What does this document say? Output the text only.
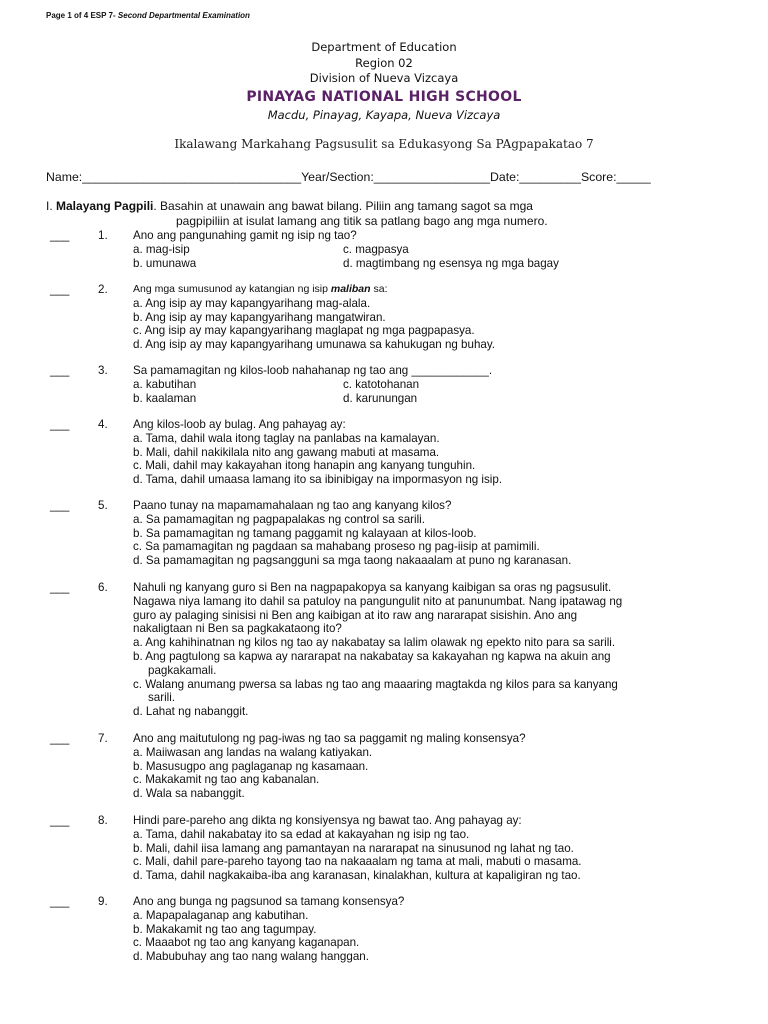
Page 1 of 4 ESP 7- Second Departmental Examination
Department of Education
Region 02
Division of Nueva Vizcaya
PINAYAG NATIONAL HIGH SCHOOL
Macdu, Pinayag, Kayapa, Nueva Vizcaya
Ikalawang Markahang Pagsusulit sa Edukasyong Sa PAgpapakatao 7
Name:________________________________Year/Section:_________________Date:_________Score:_____
I. Malayang Pagpili. Basahin at unawain ang bawat bilang. Piliin ang tamang sagot sa mga
pagpipiliin at isulat lamang ang titik sa patlang bago ang mga numero.
___ 1. Ano ang pangunahing gamit ng isip ng tao?
a. mag-isip	c. magpasya
b. umunawa	d. magtimbang ng esensya ng mga bagay
___ 2. Ang mga sumusunod ay katangian ng isip maliban sa:
a. Ang isip ay may kapangyarihang mag-alala.
b. Ang isip ay may kapangyarihang mangatwiran.
c. Ang isip ay may kapangyarihang maglapat ng mga pagpapasya.
d. Ang isip ay may kapangyarihang umunawa sa kahukugan ng buhay.
___ 3. Sa pamamagitan ng kilos-loob nahahanap ng tao ang ____________.
a. kabutihan	c. katotohanan
b. kaalaman	d. karunungan
___ 4. Ang kilos-loob ay bulag. Ang pahayag ay:
a. Tama, dahil wala itong taglay na panlabas na kamalayan.
b. Mali, dahil nakikilala nito ang gawang mabuti at masama.
c. Mali, dahil may kakayahan itong hanapin ang kanyang tunguhin.
d. Tama, dahil umaasa lamang ito sa ibinibigay na impormasyon ng isip.
___ 5. Paano tunay na mapamamahalaan ng tao ang kanyang kilos?
a. Sa pamamagitan ng pagpapalakas ng control sa sarili.
b. Sa pamamagitan ng tamang paggamit ng kalayaan at kilos-loob.
c. Sa pamamagitan ng pagdaan sa mahabang proseso ng pag-iisip at pamimili.
d. Sa pamamagitan ng pagsangguni sa mga taong nakaaalam at puno ng karanasan.
___ 6. Nahuli ng kanyang guro si Ben na nagpapakopya sa kanyang kaibigan sa oras ng pagsusulit.
Nagawa niya lamang ito dahil sa patuloy na pangungulit nito at panunumbat. Nang ipatawag ng
guro ay palaging sinisisi ni Ben ang kaibigan at ito raw ang nararapat sisishin. Ano ang
nakaligtaan ni Ben sa pagkakataong ito?
a. Ang kahihinatnan ng kilos ng tao ay nakabatay sa lalim olawak ng epekto nito para sa sarili.
b. Ang pagtulong sa kapwa ay nararapat na nakabatay sa kakayahan ng kapwa na akuin ang
pagkakamali.
c. Walang anumang pwersa sa labas ng tao ang maaaring magtakda ng kilos para sa kanyang
sarili.
d. Lahat ng nabanggit.
___ 7. Ano ang maitutulong ng pag-iwas ng tao sa paggamit ng maling konsensya?
a. Maiiwasan ang landas na walang katiyakan.
b. Masusugpo ang paglaganap ng kasamaan.
c. Makakamit ng tao ang kabanalan.
d. Wala sa nabanggit.
___ 8. Hindi pare-pareho ang dikta ng konsiyensya ng bawat tao. Ang pahayag ay:
a. Tama, dahil nakabatay ito sa edad at kakayahan ng isip ng tao.
b. Mali, dahil iisa lamang ang pamantayan na nararapat na sinusunod ng lahat ng tao.
c. Mali, dahil pare-pareho tayong tao na nakaaalam ng tama at mali, mabuti o masama.
d. Tama, dahil nagkakaiba-iba ang karanasan, kinalakhan, kultura at kapaligiran ng tao.
___ 9. Ano ang bunga ng pagsunod sa tamang konsensya?
a. Mapapalaganap ang kabutihan.
b. Makakamit ng tao ang tagumpay.
c. Maaabot ng tao ang kanyang kaganapan.
d. Mabubuhay ang tao nang walang hanggan.
